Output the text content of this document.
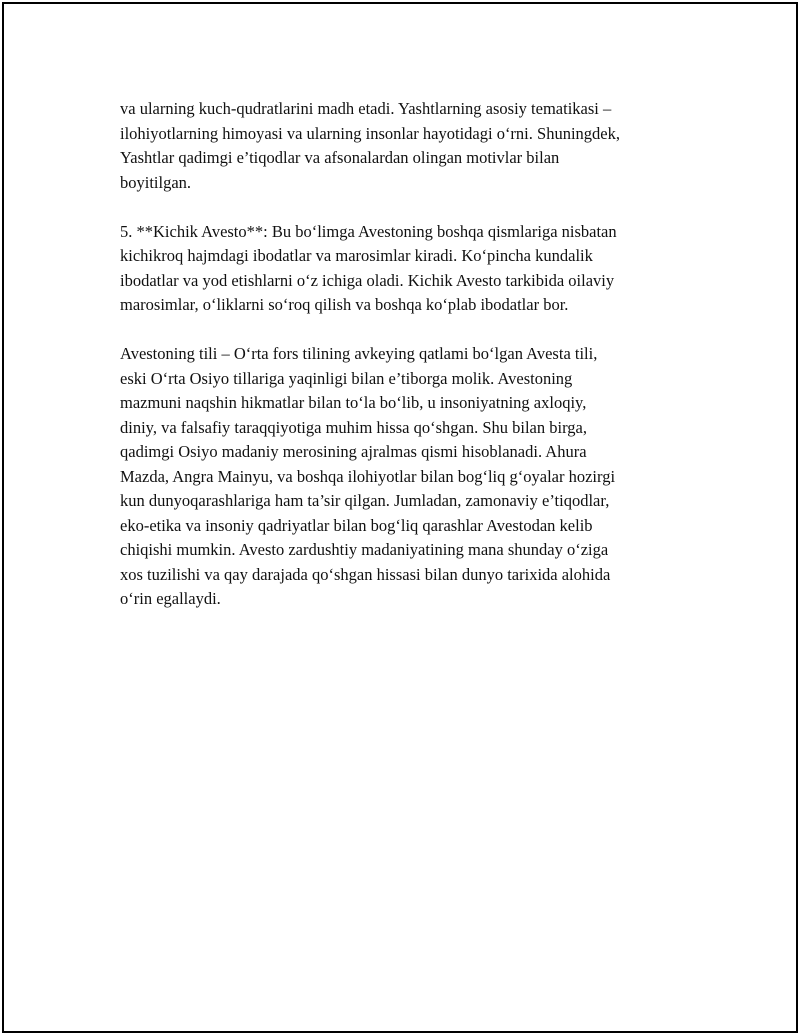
va ularning kuch-qudratlarini madh etadi. Yashtlarning asosiy tematikasi –
ilohiyotlarning himoyasi va ularning insonlar hayotidagi o‘rni. Shuningdek,
Yashtlar qadimgi e’tiqodlar va afsonalardan olingan motivlar bilan
boyitilgan.

5. **Kichik Avesto**: Bu bo‘limga Avestoning boshqa qismlariga nisbatan
kichikroq hajmdagi ibodatlar va marosimlar kiradi. Ko‘pincha kundalik
ibodatlar va yod etishlarni o‘z ichiga oladi. Kichik Avesto tarkibida oilaviy
marosimlar, o‘liklarni so‘roq qilish va boshqa ko‘plab ibodatlar bor.

Avestoning tili – O‘rta fors tilining avkeying qatlami bo‘lgan Avesta tili,
eski O‘rta Osiyo tillariga yaqinligi bilan e’tiborga molik. Avestoning
mazmuni naqshin hikmatlar bilan to‘la bo‘lib, u insoniyatning axloqiy,
diniy, va falsafiy taraqqiyotiga muhim hissa qo‘shgan. Shu bilan birga,
qadimgi Osiyo madaniy merosining ajralmas qismi hisoblanadi. Ahura
Mazda, Angra Mainyu, va boshqa ilohiyotlar bilan bog‘liq g‘oyalar hozirgi
kun dunyoqarashlariga ham ta’sir qilgan. Jumladan, zamonaviy e’tiqodlar,
eko-etika va insoniy qadriyatlar bilan bog‘liq qarashlar Avestodan kelib
chiqishi mumkin. Avesto zardushtiy madaniyatining mana shunday o‘ziga
xos tuzilishi va qay darajada qo‘shgan hissasi bilan dunyo tarixida alohida
o‘rin egallaydi.
